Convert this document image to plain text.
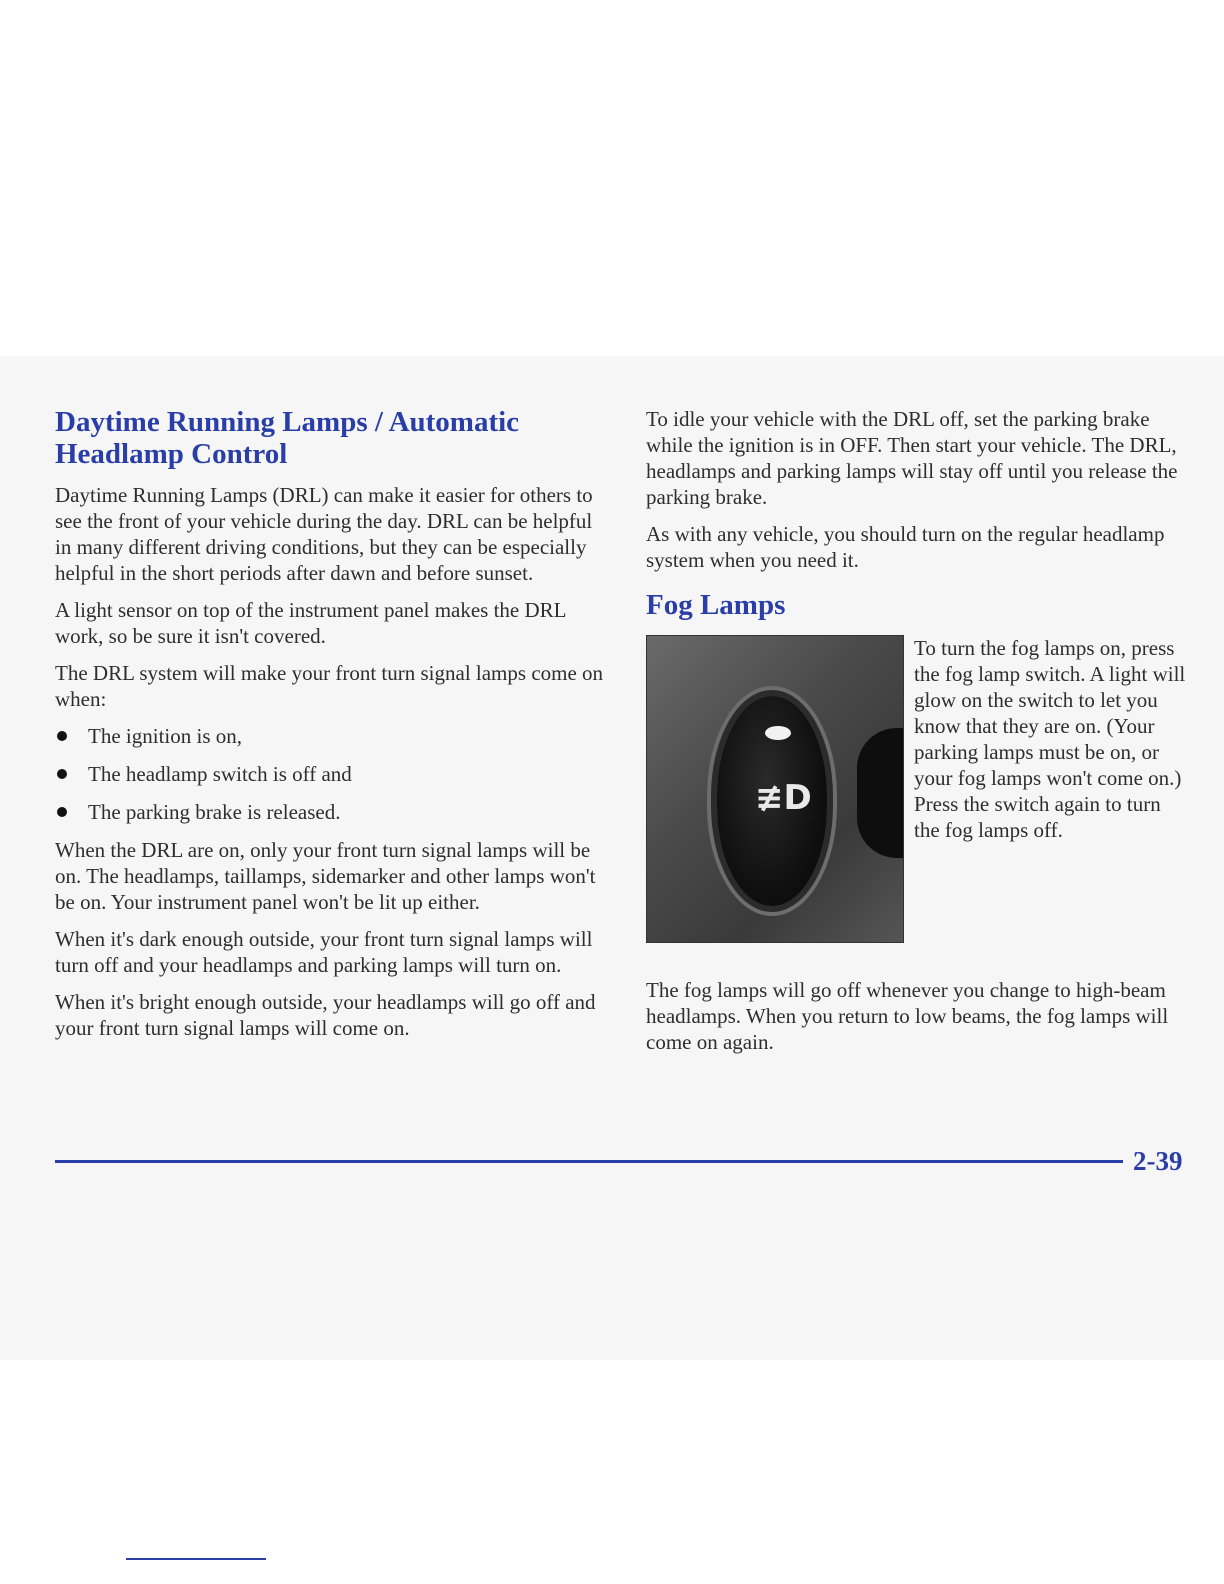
Daytime Running Lamps / Automatic Headlamp Control

Daytime Running Lamps (DRL) can make it easier for others to see the front of your vehicle during the day. DRL can be helpful in many different driving conditions, but they can be especially helpful in the short periods after dawn and before sunset.

A light sensor on top of the instrument panel makes the DRL work, so be sure it isn't covered.

The DRL system will make your front turn signal lamps come on when:

The ignition is on,
The headlamp switch is off and
The parking brake is released.

When the DRL are on, only your front turn signal lamps will be on. The headlamps, taillamps, sidemarker and other lamps won't be on. Your instrument panel won't be lit up either.

When it's dark enough outside, your front turn signal lamps will turn off and your headlamps and parking lamps will turn on.

When it's bright enough outside, your headlamps will go off and your front turn signal lamps will come on.

To idle your vehicle with the DRL off, set the parking brake while the ignition is in OFF. Then start your vehicle. The DRL, headlamps and parking lamps will stay off until you release the parking brake.

As with any vehicle, you should turn on the regular headlamp system when you need it.

Fog Lamps
≢D

To turn the fog lamps on, press the fog lamp switch. A light will glow on the switch to let you know that they are on. (Your parking lamps must be on, or your fog lamps won't come on.) Press the switch again to turn the fog lamps off.

The fog lamps will go off whenever you change to high-beam headlamps. When you return to low beams, the fog lamps will come on again.

2-39
